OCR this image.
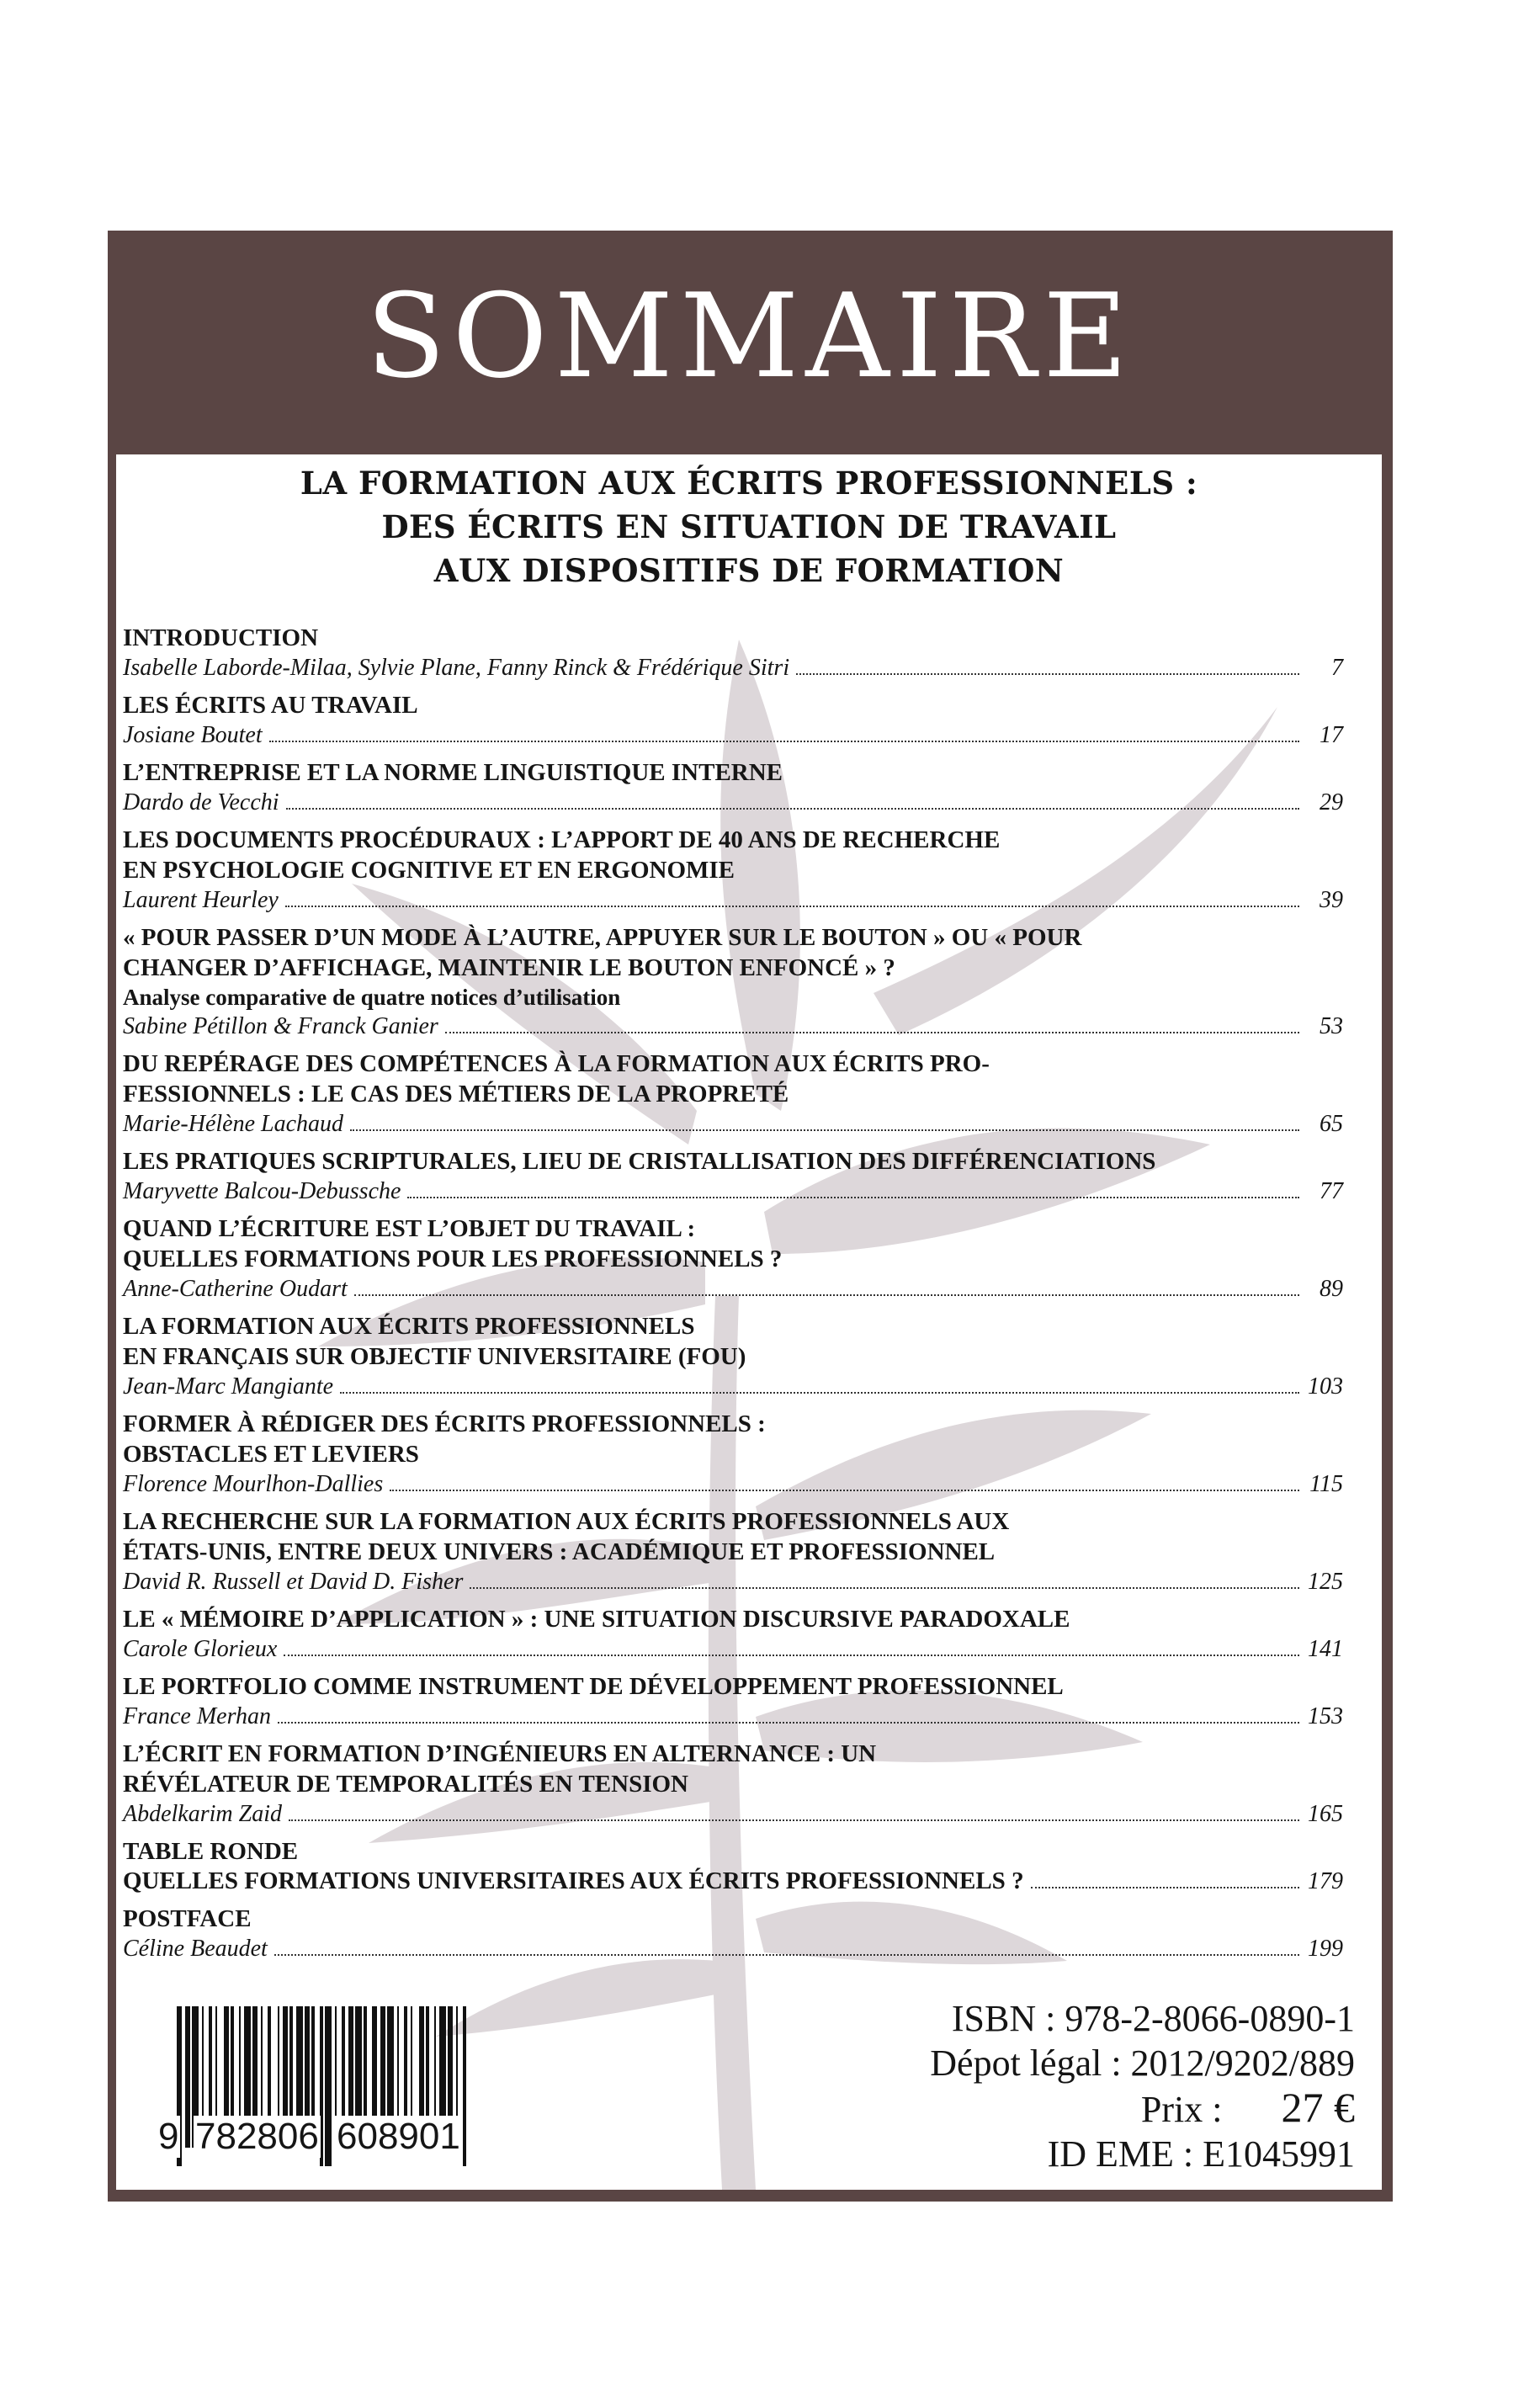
SOMMAIRE
LA FORMATION AUX ÉCRITS PROFESSIONNELS :
DES ÉCRITS EN SITUATION DE TRAVAIL
AUX DISPOSITIFS DE FORMATION
INTRODUCTION
Isabelle Laborde-Milaa, Sylvie Plane, Fanny Rinck & Frédérique Sitri	7
LES ÉCRITS AU TRAVAIL
Josiane Boutet	17
L’ENTREPRISE ET LA NORME LINGUISTIQUE INTERNE
Dardo de Vecchi	29
LES DOCUMENTS PROCÉDURAUX : L’APPORT DE 40 ANS DE RECHERCHE
EN PSYCHOLOGIE COGNITIVE ET EN ERGONOMIE
Laurent Heurley	39
« POUR PASSER D’UN MODE À L’AUTRE, APPUYER SUR LE BOUTON » OU « POUR
CHANGER D’AFFICHAGE, MAINTENIR LE BOUTON ENFONCÉ » ?
Analyse comparative de quatre notices d’utilisation
Sabine Pétillon & Franck Ganier	53
DU REPÉRAGE DES COMPÉTENCES À LA FORMATION AUX ÉCRITS PRO-
FESSIONNELS : LE CAS DES MÉTIERS DE LA PROPRETÉ
Marie-Hélène Lachaud	65
LES PRATIQUES SCRIPTURALES, LIEU DE CRISTALLISATION DES DIFFÉRENCIATIONS
Maryvette Balcou-Debussche	77
QUAND L’ÉCRITURE EST L’OBJET DU TRAVAIL :
QUELLES FORMATIONS POUR LES PROFESSIONNELS ?
Anne-Catherine Oudart	89
LA FORMATION AUX ÉCRITS PROFESSIONNELS
EN FRANÇAIS SUR OBJECTIF UNIVERSITAIRE (FOU)
Jean-Marc Mangiante	103
FORMER À RÉDIGER DES ÉCRITS PROFESSIONNELS :
OBSTACLES ET LEVIERS
Florence Mourlhon-Dallies	115
LA RECHERCHE SUR LA FORMATION AUX ÉCRITS PROFESSIONNELS AUX
ÉTATS-UNIS, ENTRE DEUX UNIVERS : ACADÉMIQUE ET PROFESSIONNEL
David R. Russell et David D. Fisher	125
LE « MÉMOIRE D’APPLICATION » : UNE SITUATION DISCURSIVE PARADOXALE
Carole Glorieux	141
LE PORTFOLIO COMME INSTRUMENT DE DÉVELOPPEMENT PROFESSIONNEL
France Merhan	153
L’ÉCRIT EN FORMATION D’INGÉNIEURS EN ALTERNANCE : UN
RÉVÉLATEUR DE TEMPORALITÉS EN TENSION
Abdelkarim Zaid	165
TABLE RONDE
QUELLES FORMATIONS UNIVERSITAIRES AUX ÉCRITS PROFESSIONNELS ?	179
POSTFACE
Céline Beaudet	199
9 782806 608901
ISBN : 978-2-8066-0890-1
Dépot légal : 2012/9202/889
Prix : 27 €
ID EME : E1045991
